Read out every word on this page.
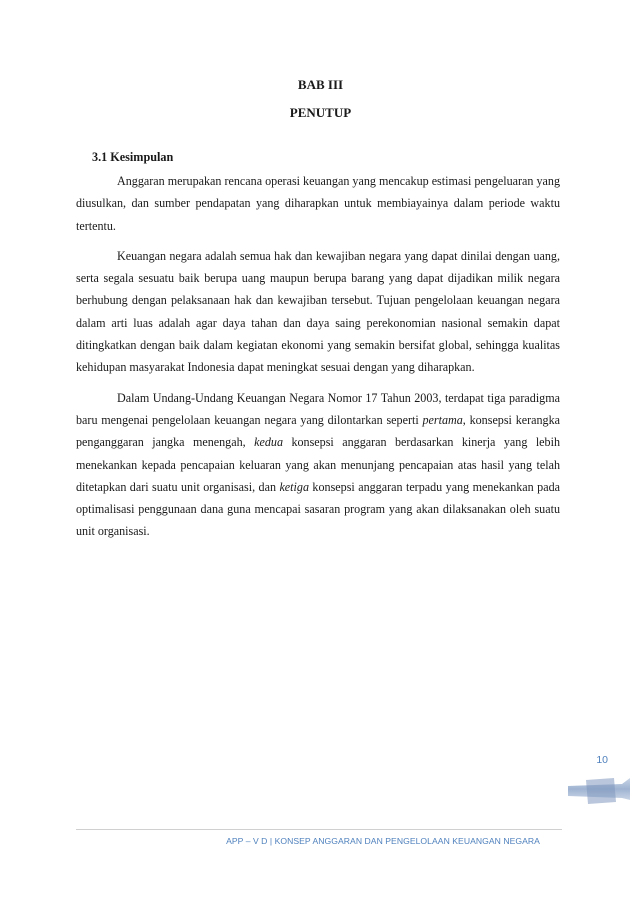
BAB III
PENUTUP
3.1 Kesimpulan

Anggaran merupakan rencana operasi keuangan yang mencakup estimasi pengeluaran yang diusulkan, dan sumber pendapatan yang diharapkan untuk membiayainya dalam periode waktu tertentu.

Keuangan negara adalah semua hak dan kewajiban negara yang dapat dinilai dengan uang, serta segala sesuatu baik berupa uang maupun berupa barang yang dapat dijadikan milik negara berhubung dengan pelaksanaan hak dan kewajiban tersebut. Tujuan pengelolaan keuangan negara dalam arti luas adalah agar daya tahan dan daya saing perekonomian nasional semakin dapat ditingkatkan dengan baik dalam kegiatan ekonomi yang semakin bersifat global, sehingga kualitas kehidupan masyarakat Indonesia dapat meningkat sesuai dengan yang diharapkan.

Dalam Undang-Undang Keuangan Negara Nomor 17 Tahun 2003, terdapat tiga paradigma baru mengenai pengelolaan keuangan negara yang dilontarkan seperti pertama, konsepsi kerangka penganggaran jangka menengah, kedua konsepsi anggaran berdasarkan kinerja yang lebih menekankan kepada pencapaian keluaran yang akan menunjang pencapaian atas hasil yang telah ditetapkan dari suatu unit organisasi, dan ketiga konsepsi anggaran terpadu yang menekankan pada optimalisasi penggunaan dana guna mencapai sasaran program yang akan dilaksanakan oleh suatu unit organisasi.

10
APP – V D | KONSEP ANGGARAN DAN PENGELOLAAN KEUANGAN NEGARA
